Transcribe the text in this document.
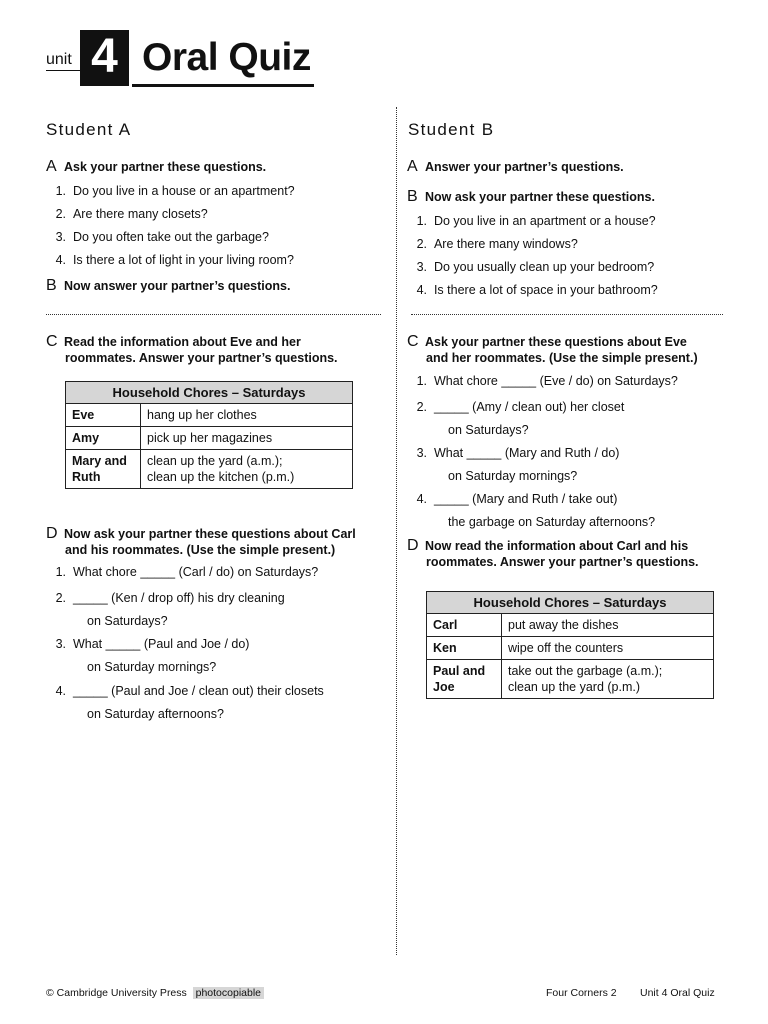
unit 4 Oral Quiz
Student A
A Ask your partner these questions.
1. Do you live in a house or an apartment?
2. Are there many closets?
3. Do you often take out the garbage?
4. Is there a lot of light in your living room?
B Now answer your partner’s questions.
C Read the information about Eve and her
roommates. Answer your partner’s questions.
Household Chores – Saturdays	
Eve	hang up her clothes
Amy	pick up her magazines
Mary and
Ruth	clean up the yard (a.m.);
clean up the kitchen (p.m.)
D Now ask your partner these questions about Carl
and his roommates. (Use the simple present.)
1. What chore _____ (Carl / do) on Saturdays?
2. _____ (Ken / drop off) his dry cleaning
on Saturdays?
3. What _____ (Paul and Joe / do)
on Saturday mornings?
4. _____ (Paul and Joe / clean out) their closets
on Saturday afternoons?
Student B
A Answer your partner’s questions.
B Now ask your partner these questions.
1. Do you live in an apartment or a house?
2. Are there many windows?
3. Do you usually clean up your bedroom?
4. Is there a lot of space in your bathroom?
C Ask your partner these questions about Eve
and her roommates. (Use the simple present.)
1. What chore _____ (Eve / do) on Saturdays?
2. _____ (Amy / clean out) her closet
on Saturdays?
3. What _____ (Mary and Ruth / do)
on Saturday mornings?
4. _____ (Mary and Ruth / take out)
the garbage on Saturday afternoons?
D Now read the information about Carl and his
roommates. Answer your partner’s questions.
Household Chores – Saturdays	
Carl	put away the dishes
Ken	wipe off the counters
Paul and
Joe	take out the garbage (a.m.);
clean up the yard (p.m.)
© Cambridge University Press photocopiable	Four Corners 2 Unit 4 Oral Quiz
